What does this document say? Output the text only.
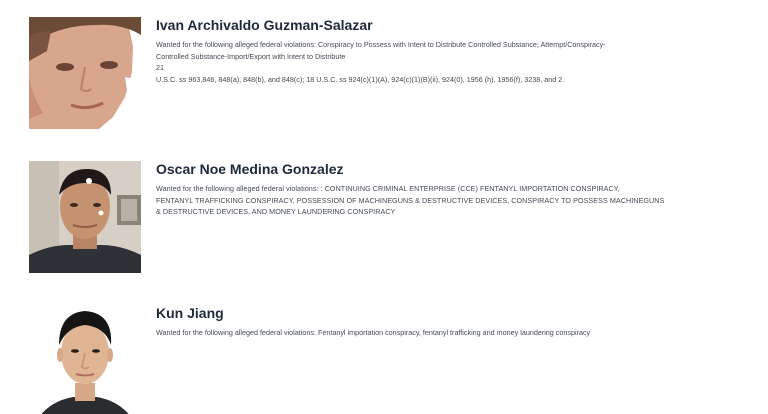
Ivan Archivaldo Guzman-Salazar

Wanted for the following alleged federal violations: Conspiracy to Possess with Intent to Distribute Controlled Substance; Attempt/Conspiracy-
Controlled Substance-Import/Export with Intent to Distribute
21
U.S.C. ss 963,846, 848(a), 848(b), and 848(c); 18 U.S.C. ss 924(c)(1)(A), 924(c)(1)(B)(ii), 924(0), 1956 (h), 1956(f), 3238, and 2.

Oscar Noe Medina Gonzalez

Wanted for the following alleged federal violations: : CONTINUING CRIMINAL ENTERPRISE (CCE) FENTANYL IMPORTATION CONSPIRACY,
FENTANYL TRAFFICKING CONSPIRACY, POSSESSION OF MACHINEGUNS & DESTRUCTIVE DEVICES, CONSPIRACY TO POSSESS MACHINEGUNS
& DESTRUCTIVE DEVICES, AND MONEY LAUNDERING CONSPIRACY

Kun Jiang

Wanted for the following alleged federal violations: Fentanyl importation conspiracy, fentanyl trafficking and money laundering conspiracy
